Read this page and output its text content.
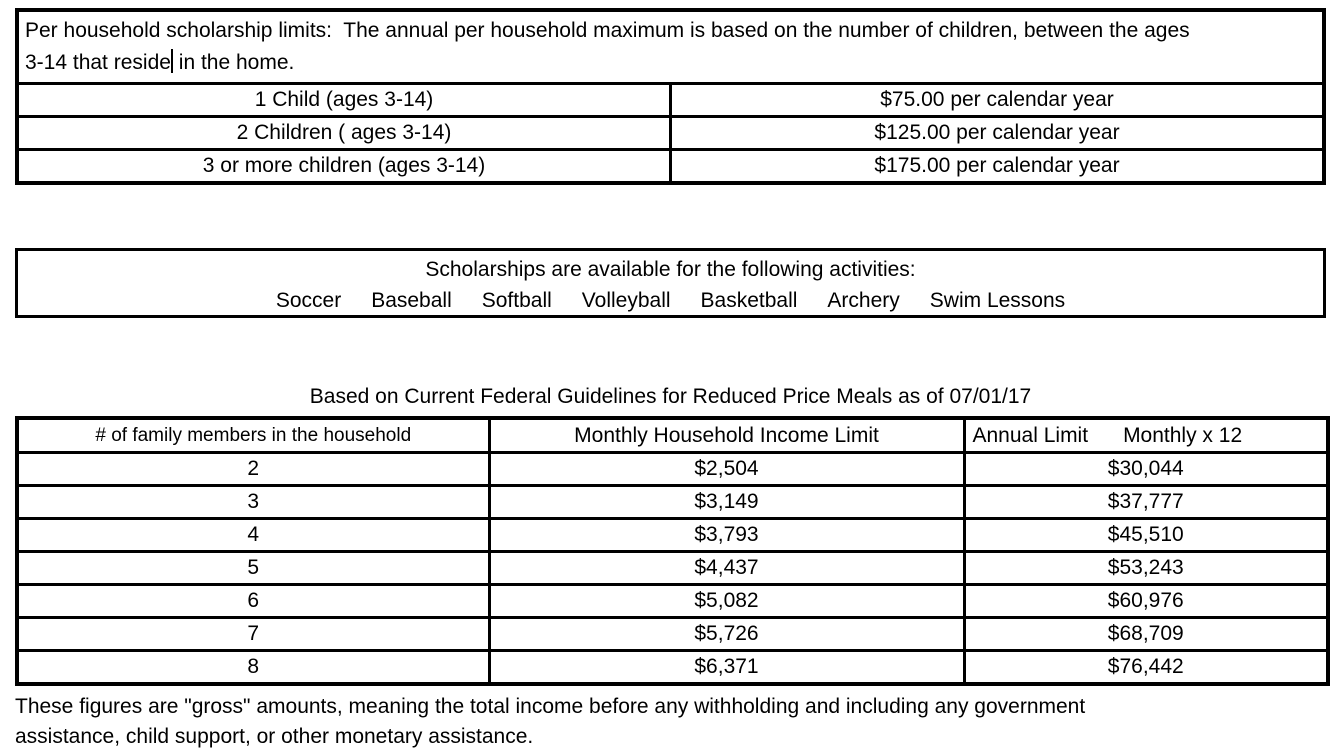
Per household scholarship limits:  The annual per household maximum is based on the number of children, between the ages
3-14 that reside in the home.	
1 Child (ages 3-14)	$75.00 per calendar year
2 Children ( ages 3-14)	$125.00 per calendar year
3 or more children (ages 3-14)	$175.00 per calendar year
Scholarships are available for the following activities:
Soccer Baseball Softball Volleyball Basketball Archery Swim Lessons
Based on Current Federal Guidelines for Reduced Price Meals as of 07/01/17
# of family members in the household	Monthly Household Income Limit	Annual Limit      Monthly x 12
2	$2,504	$30,044
3	$3,149	$37,777
4	$3,793	$45,510
5	$4,437	$53,243
6	$5,082	$60,976
7	$5,726	$68,709
8	$6,371	$76,442
These figures are "gross" amounts, meaning the total income before any withholding and including any government
assistance, child support, or other monetary assistance.
